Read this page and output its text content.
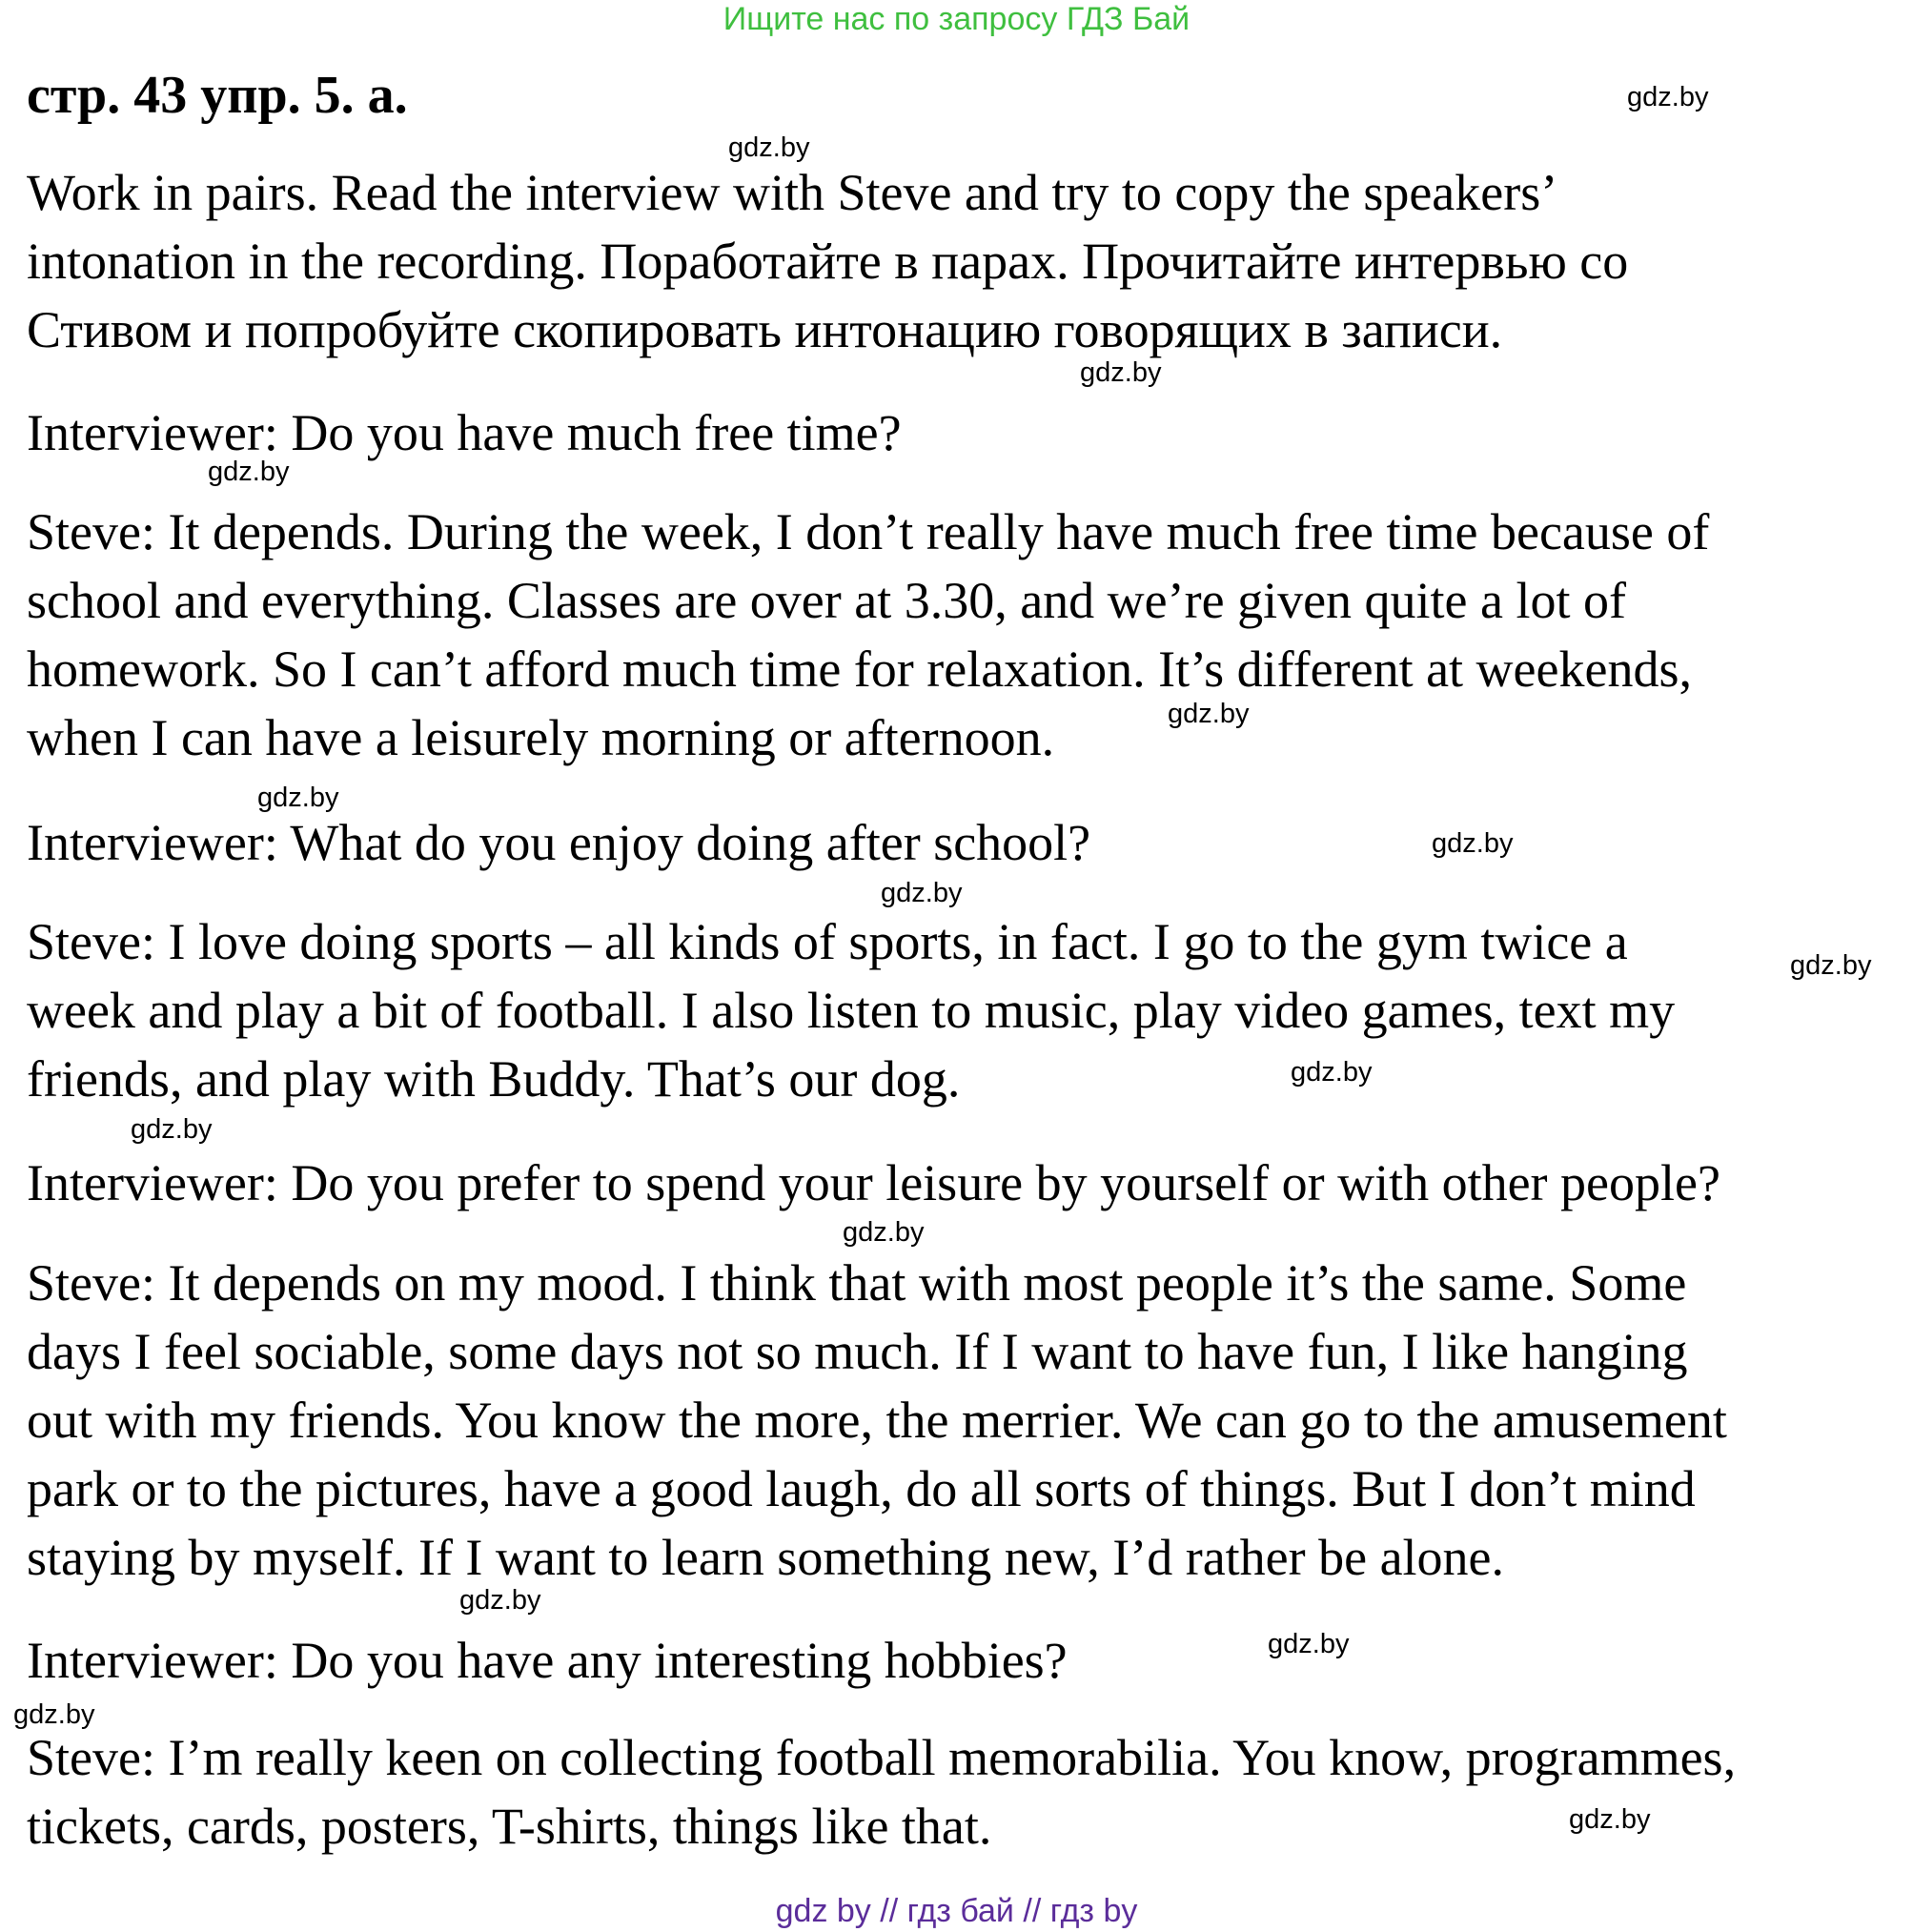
Ищите нас по запросу ГДЗ Бай
стр. 43 упр. 5. а.
Work in pairs. Read the interview with Steve and try to copy the speakers’
intonation in the recording. Поработайте в парах. Прочитайте интервью со
Стивом и попробуйте скопировать интонацию говорящих в записи.
Interviewer: Do you have much free time?
Steve: It depends. During the week, I don’t really have much free time because of
school and everything. Classes are over at 3.30, and we’re given quite a lot of
homework. So I can’t afford much time for relaxation. It’s different at weekends,
when I can have a leisurely morning or afternoon.
Interviewer: What do you enjoy doing after school?
Steve: I love doing sports – all kinds of sports, in fact. I go to the gym twice a
week and play a bit of football. I also listen to music, play video games, text my
friends, and play with Buddy. That’s our dog.
Interviewer: Do you prefer to spend your leisure by yourself or with other people?
Steve: It depends on my mood. I think that with most people it’s the same. Some
days I feel sociable, some days not so much. If I want to have fun, I like hanging
out with my friends. You know the more, the merrier. We can go to the amusement
park or to the pictures, have a good laugh, do all sorts of things. But I don’t mind
staying by myself. If I want to learn something new, I’d rather be alone.
Interviewer: Do you have any interesting hobbies?
Steve: I’m really keen on collecting football memorabilia. You know, programmes,
tickets, cards, posters, T-shirts, things like that.
gdz.by
gdz.by
gdz.by
gdz.by
gdz.by
gdz.by
gdz.by
gdz.by
gdz.by
gdz.by
gdz.by
gdz.by
gdz.by
gdz.by
gdz.by
gdz.by
gdz by // гдз бай // гдз by
